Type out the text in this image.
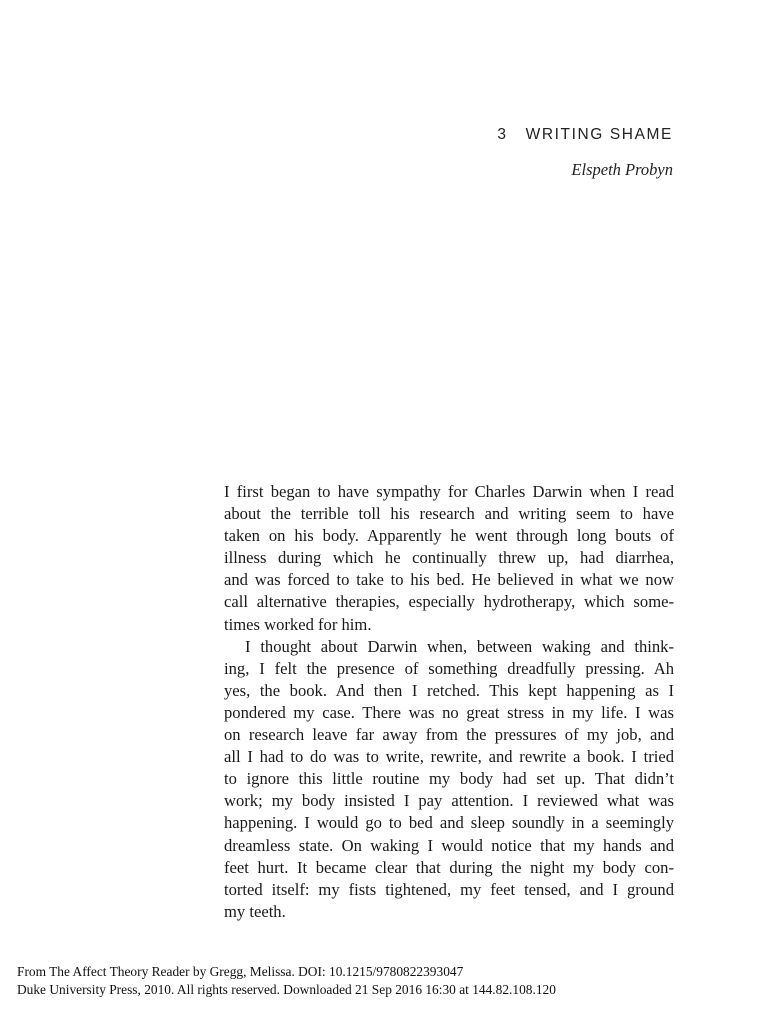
3 WRITING SHAME
Elspeth Probyn
I first began to have sympathy for Charles Darwin when I read
about the terrible toll his research and writing seem to have
taken on his body. Apparently he went through long bouts of
illness during which he continually threw up, had diarrhea,
and was forced to take to his bed. He believed in what we now
call alternative therapies, especially hydrotherapy, which some-
times worked for him.
I thought about Darwin when, between waking and think-
ing, I felt the presence of something dreadfully pressing. Ah
yes, the book. And then I retched. This kept happening as I
pondered my case. There was no great stress in my life. I was
on research leave far away from the pressures of my job, and
all I had to do was to write, rewrite, and rewrite a book. I tried
to ignore this little routine my body had set up. That didn’t
work; my body insisted I pay attention. I reviewed what was
happening. I would go to bed and sleep soundly in a seemingly
dreamless state. On waking I would notice that my hands and
feet hurt. It became clear that during the night my body con-
torted itself: my fists tightened, my feet tensed, and I ground
my teeth.
From The Affect Theory Reader by Gregg, Melissa. DOI: 10.1215/9780822393047
Duke University Press, 2010. All rights reserved. Downloaded 21 Sep 2016 16:30 at 144.82.108.120
